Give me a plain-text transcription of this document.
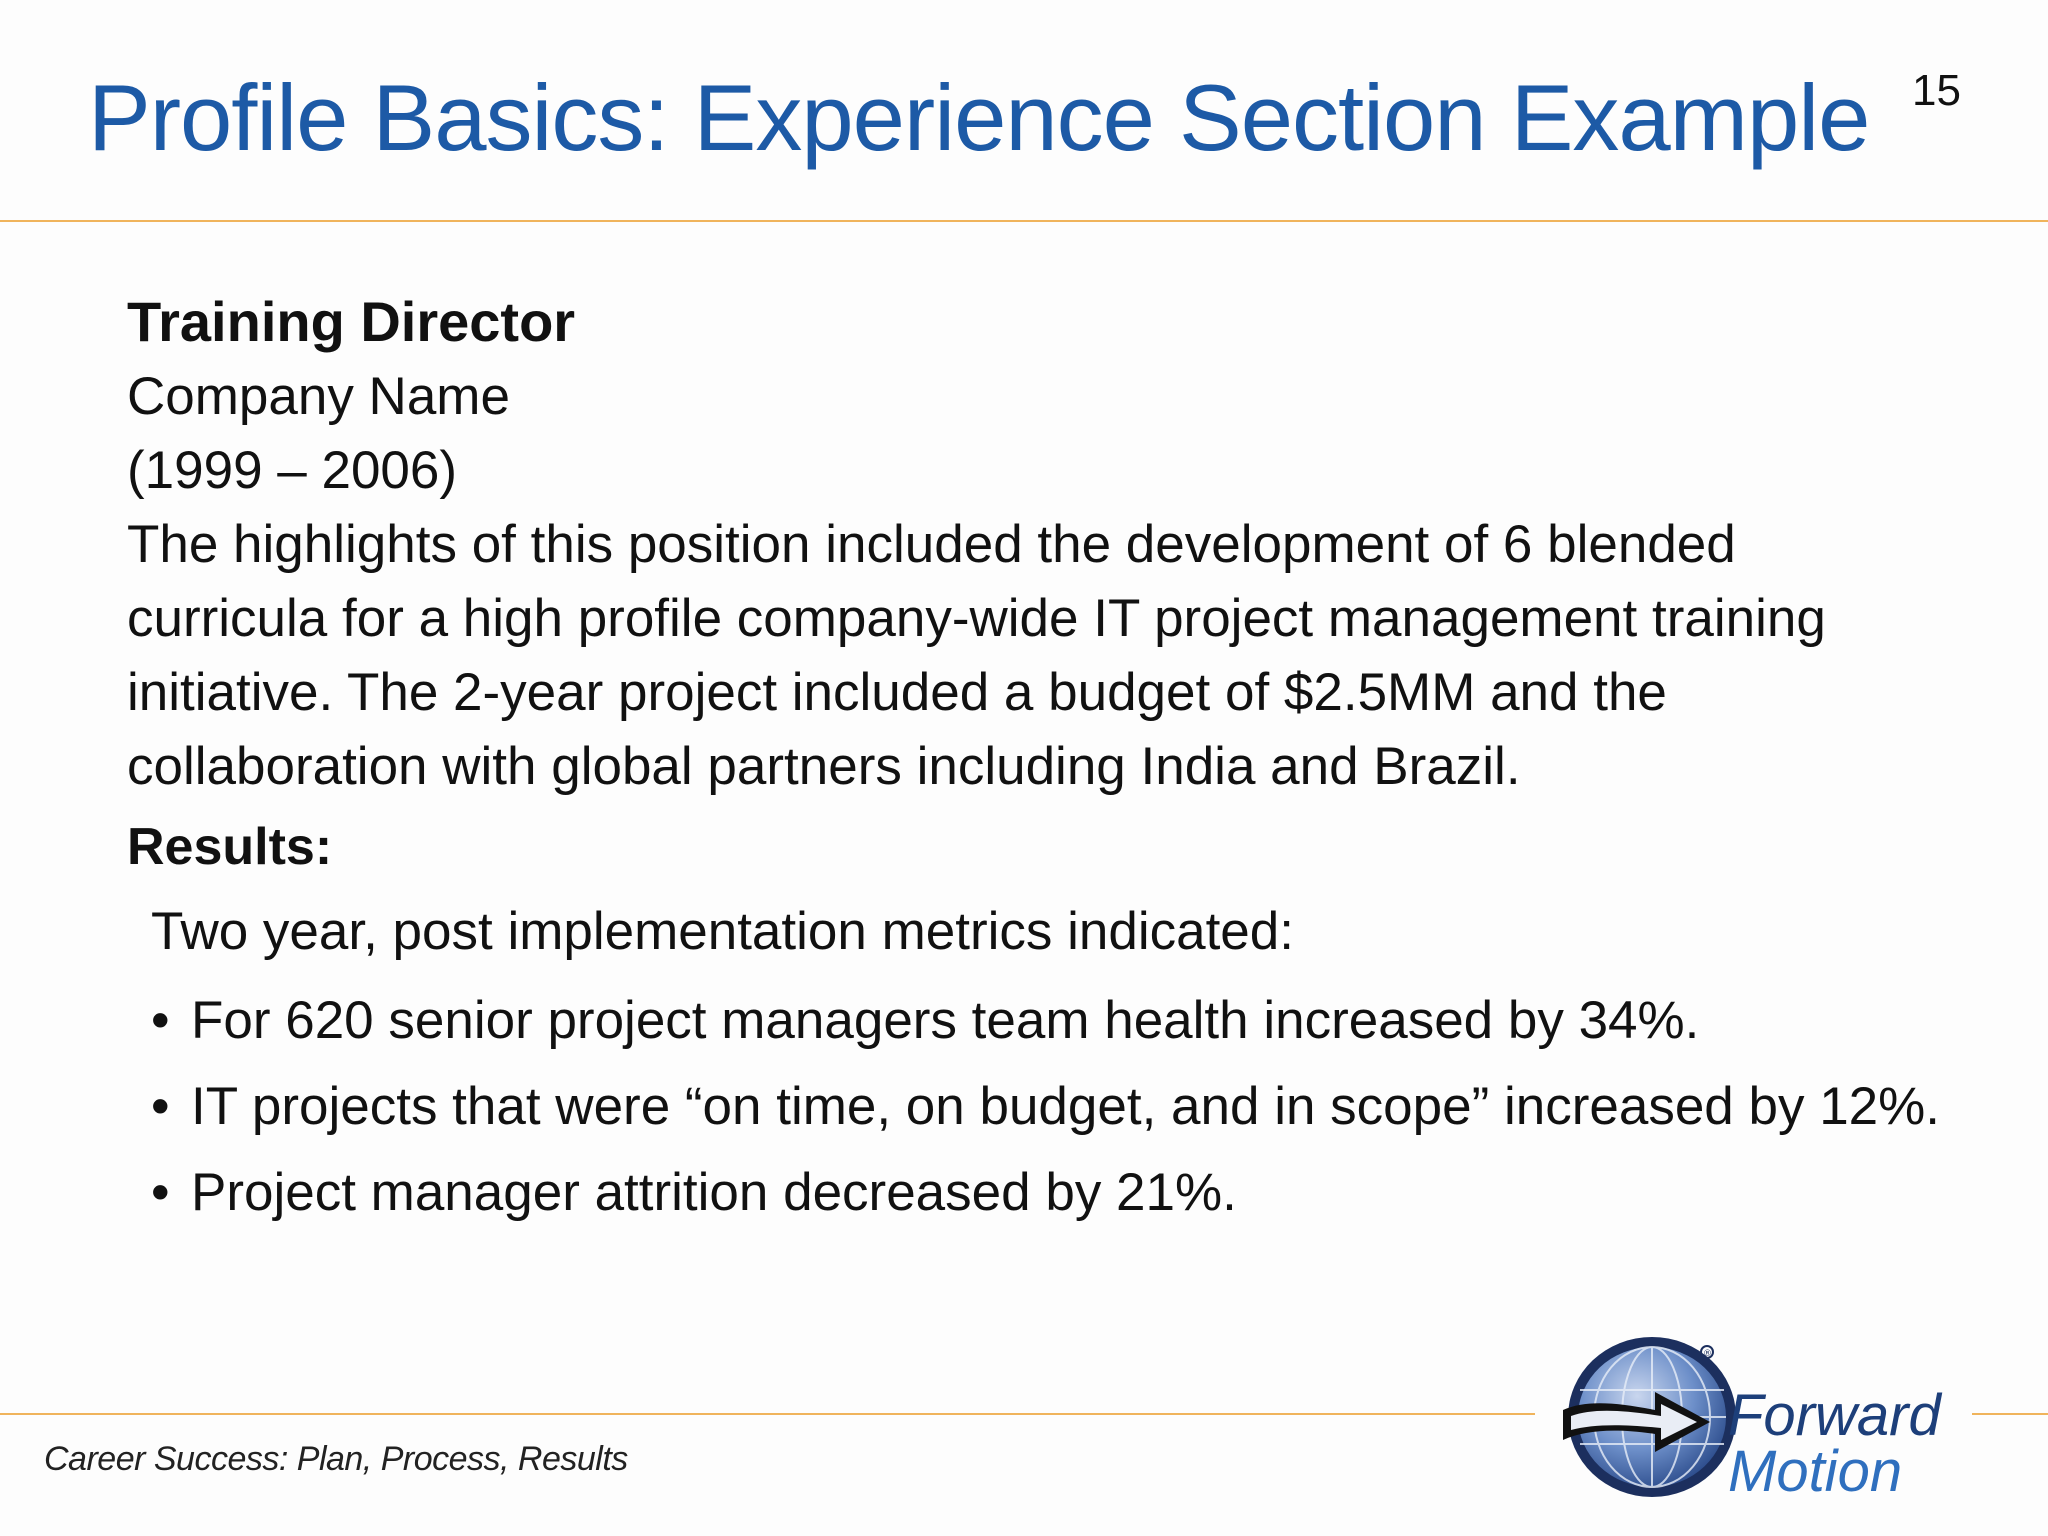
Profile Basics: Experience Section Example 15
Training Director
Company Name
(1999 – 2006)
The highlights of this position included the development of 6 blended curricula for a high profile company-wide IT project management training initiative. The 2-year project included a budget of $2.5MM and the collaboration with global partners including India and Brazil.
Results:
Two year, post implementation metrics indicated:
• For 620 senior project managers team health increased by 34%.
• IT projects that were “on time, on budget, and in scope” increased by 12%.
• Project manager attrition decreased by 21%.
Career Success: Plan, Process, Results
®
Forward
Motion
